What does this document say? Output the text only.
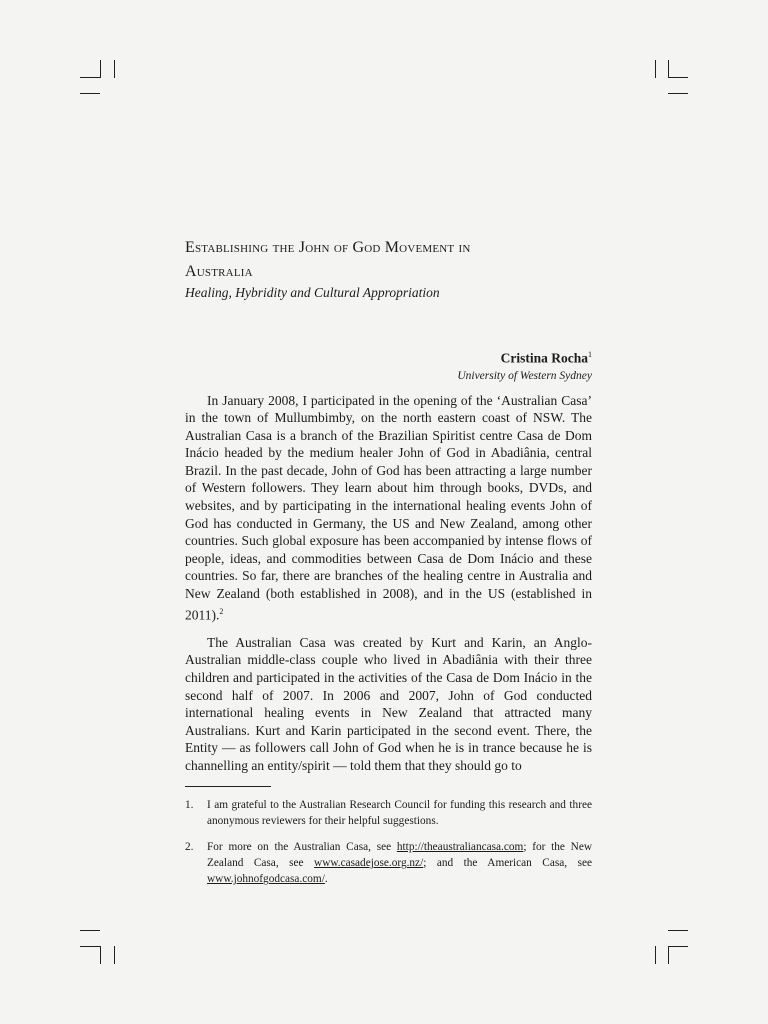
Establishing the John of God Movement in
Australia

Healing, Hybridity and Cultural Appropriation

Cristina Rocha$^1$
University of Western Sydney

In January 2008, I participated in the opening of the ‘Australian Casa’ in the town of Mullumbimby, on the north eastern coast of NSW. The Australian Casa is a branch of the Brazilian Spiritist centre Casa de Dom Inácio headed by the medium healer John of God in Abadiânia, central Brazil. In the past decade, John of God has been attracting a large number of Western followers. They learn about him through books, DVDs, and websites, and by participating in the international healing events John of God has conducted in Germany, the US and New Zealand, among other countries. Such global exposure has been accompanied by intense flows of people, ideas, and commodities between Casa de Dom Inácio and these countries. So far, there are branches of the healing centre in Australia and New Zealand (both established in 2008), and in the US (established in 2011).$^2$

The Australian Casa was created by Kurt and Karin, an Anglo-Australian middle-class couple who lived in Abadiânia with their three children and participated in the activities of the Casa de Dom Inácio in the second half of 2007. In 2006 and 2007, John of God conducted international healing events in New Zealand that attracted many Australians. Kurt and Karin participated in the second event. There, the Entity — as followers call John of God when he is in trance because he is channelling an entity/spirit — told them that they should go to

1.	I am grateful to the Australian Research Council for funding this research and three anonymous reviewers for their helpful suggestions.
2.	For more on the Australian Casa, see http://theaustraliancasa.com; for the New Zealand Casa, see www.casadejose.org.nz/; and the American Casa, see www.johnofgodcasa.com/.
